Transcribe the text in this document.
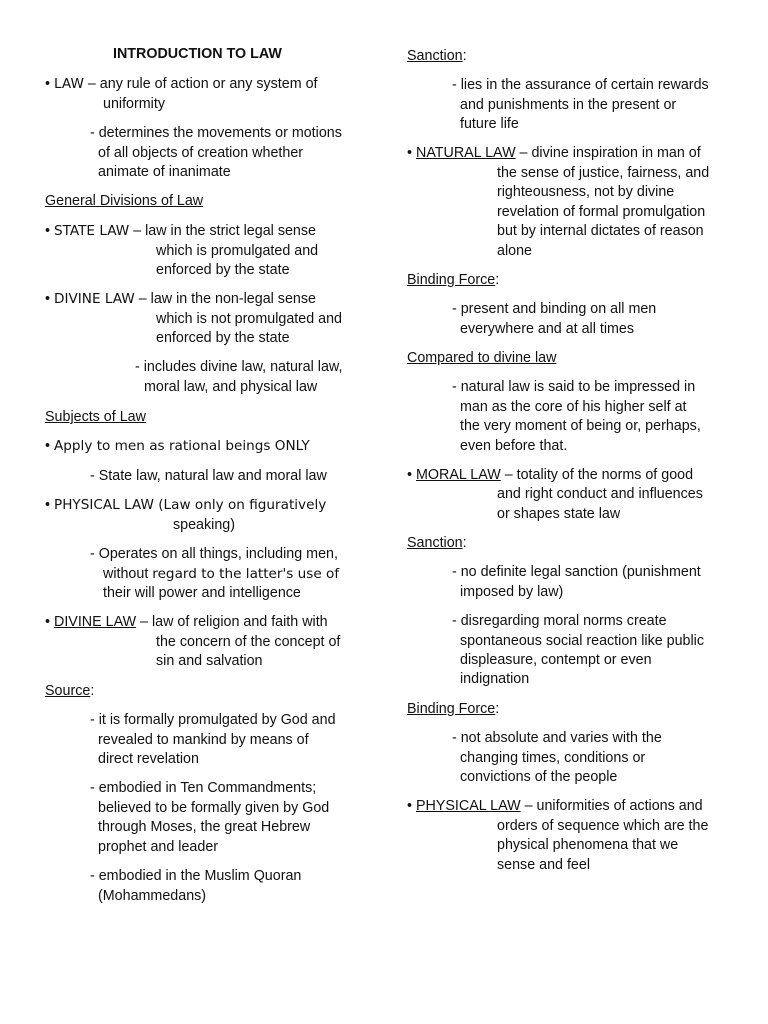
INTRODUCTION TO LAW
• LAW – any rule of action or any system of
uniformity
- determines the movements or motions
of all objects of creation whether
animate of inanimate
General Divisions of Law
• STATE LAW – law in the strict legal sense
which is promulgated and
enforced by the state
• DIVINE LAW – law in the non-legal sense
which is not promulgated and
enforced by the state
- includes divine law, natural law,
moral law, and physical law
Subjects of Law
• Apply to men as rational beings ONLY
- State law, natural law and moral law
• PHYSICAL LAW (Law only on figuratively
speaking)
- Operates on all things, including men,
without regard to the latter's use of
their will power and intelligence
• DIVINE LAW – law of religion and faith with
the concern of the concept of
sin and salvation
Source:
- it is formally promulgated by God and
revealed to mankind by means of
direct revelation
- embodied in Ten Commandments;
believed to be formally given by God
through Moses, the great Hebrew
prophet and leader
- embodied in the Muslim Quoran
(Mohammedans)
Sanction:
- lies in the assurance of certain rewards
and punishments in the present or
future life
• NATURAL LAW – divine inspiration in man of
the sense of justice, fairness, and
righteousness, not by divine
revelation of formal promulgation
but by internal dictates of reason
alone
Binding Force:
- present and binding on all men
everywhere and at all times
Compared to divine law
- natural law is said to be impressed in
man as the core of his higher self at
the very moment of being or, perhaps,
even before that.
• MORAL LAW – totality of the norms of good
and right conduct and influences
or shapes state law
Sanction:
- no definite legal sanction (punishment
imposed by law)
- disregarding moral norms create
spontaneous social reaction like public
displeasure, contempt or even
indignation
Binding Force:
- not absolute and varies with the
changing times, conditions or
convictions of the people
• PHYSICAL LAW – uniformities of actions and
orders of sequence which are the
physical phenomena that we
sense and feel
